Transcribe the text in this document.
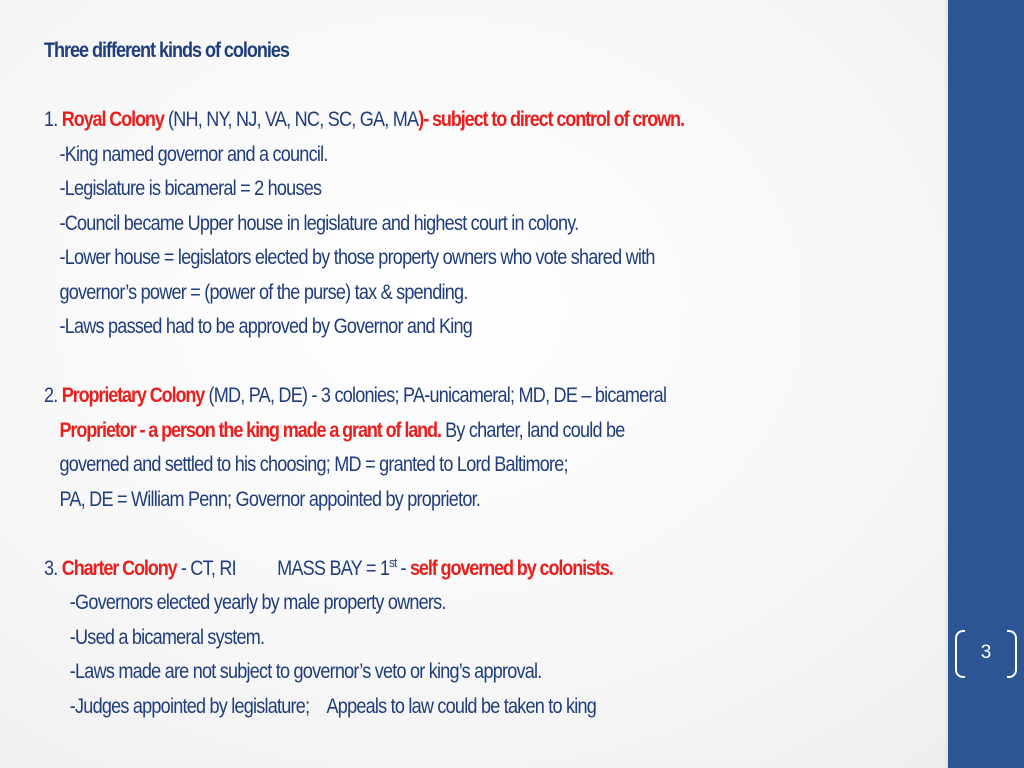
Three different kinds of colonies
1. Royal Colony (NH, NY, NJ, VA, NC, SC, GA, MA)- subject to direct control of crown.
-King named governor and a council.
-Legislature is bicameral = 2 houses
-Council became Upper house in legislature and highest court in colony.
-Lower house = legislators elected by those property owners who vote shared with
governor’s power = (power of the purse) tax & spending.
-Laws passed had to be approved by Governor and King
2. Proprietary Colony (MD, PA, DE) - 3 colonies; PA-unicameral; MD, DE – bicameral
Proprietor - a person the king made a grant of land. By charter, land could be
governed and settled to his choosing; MD = granted to Lord Baltimore;
PA, DE = William Penn; Governor appointed by proprietor.
3. Charter Colony - CT, RI MASS BAY = 1st - self governed by colonists.
-Governors elected yearly by male property owners.
-Used a bicameral system.
-Laws made are not subject to governor’s veto or king’s approval.
-Judges appointed by legislature; Appeals to law could be taken to king
3
